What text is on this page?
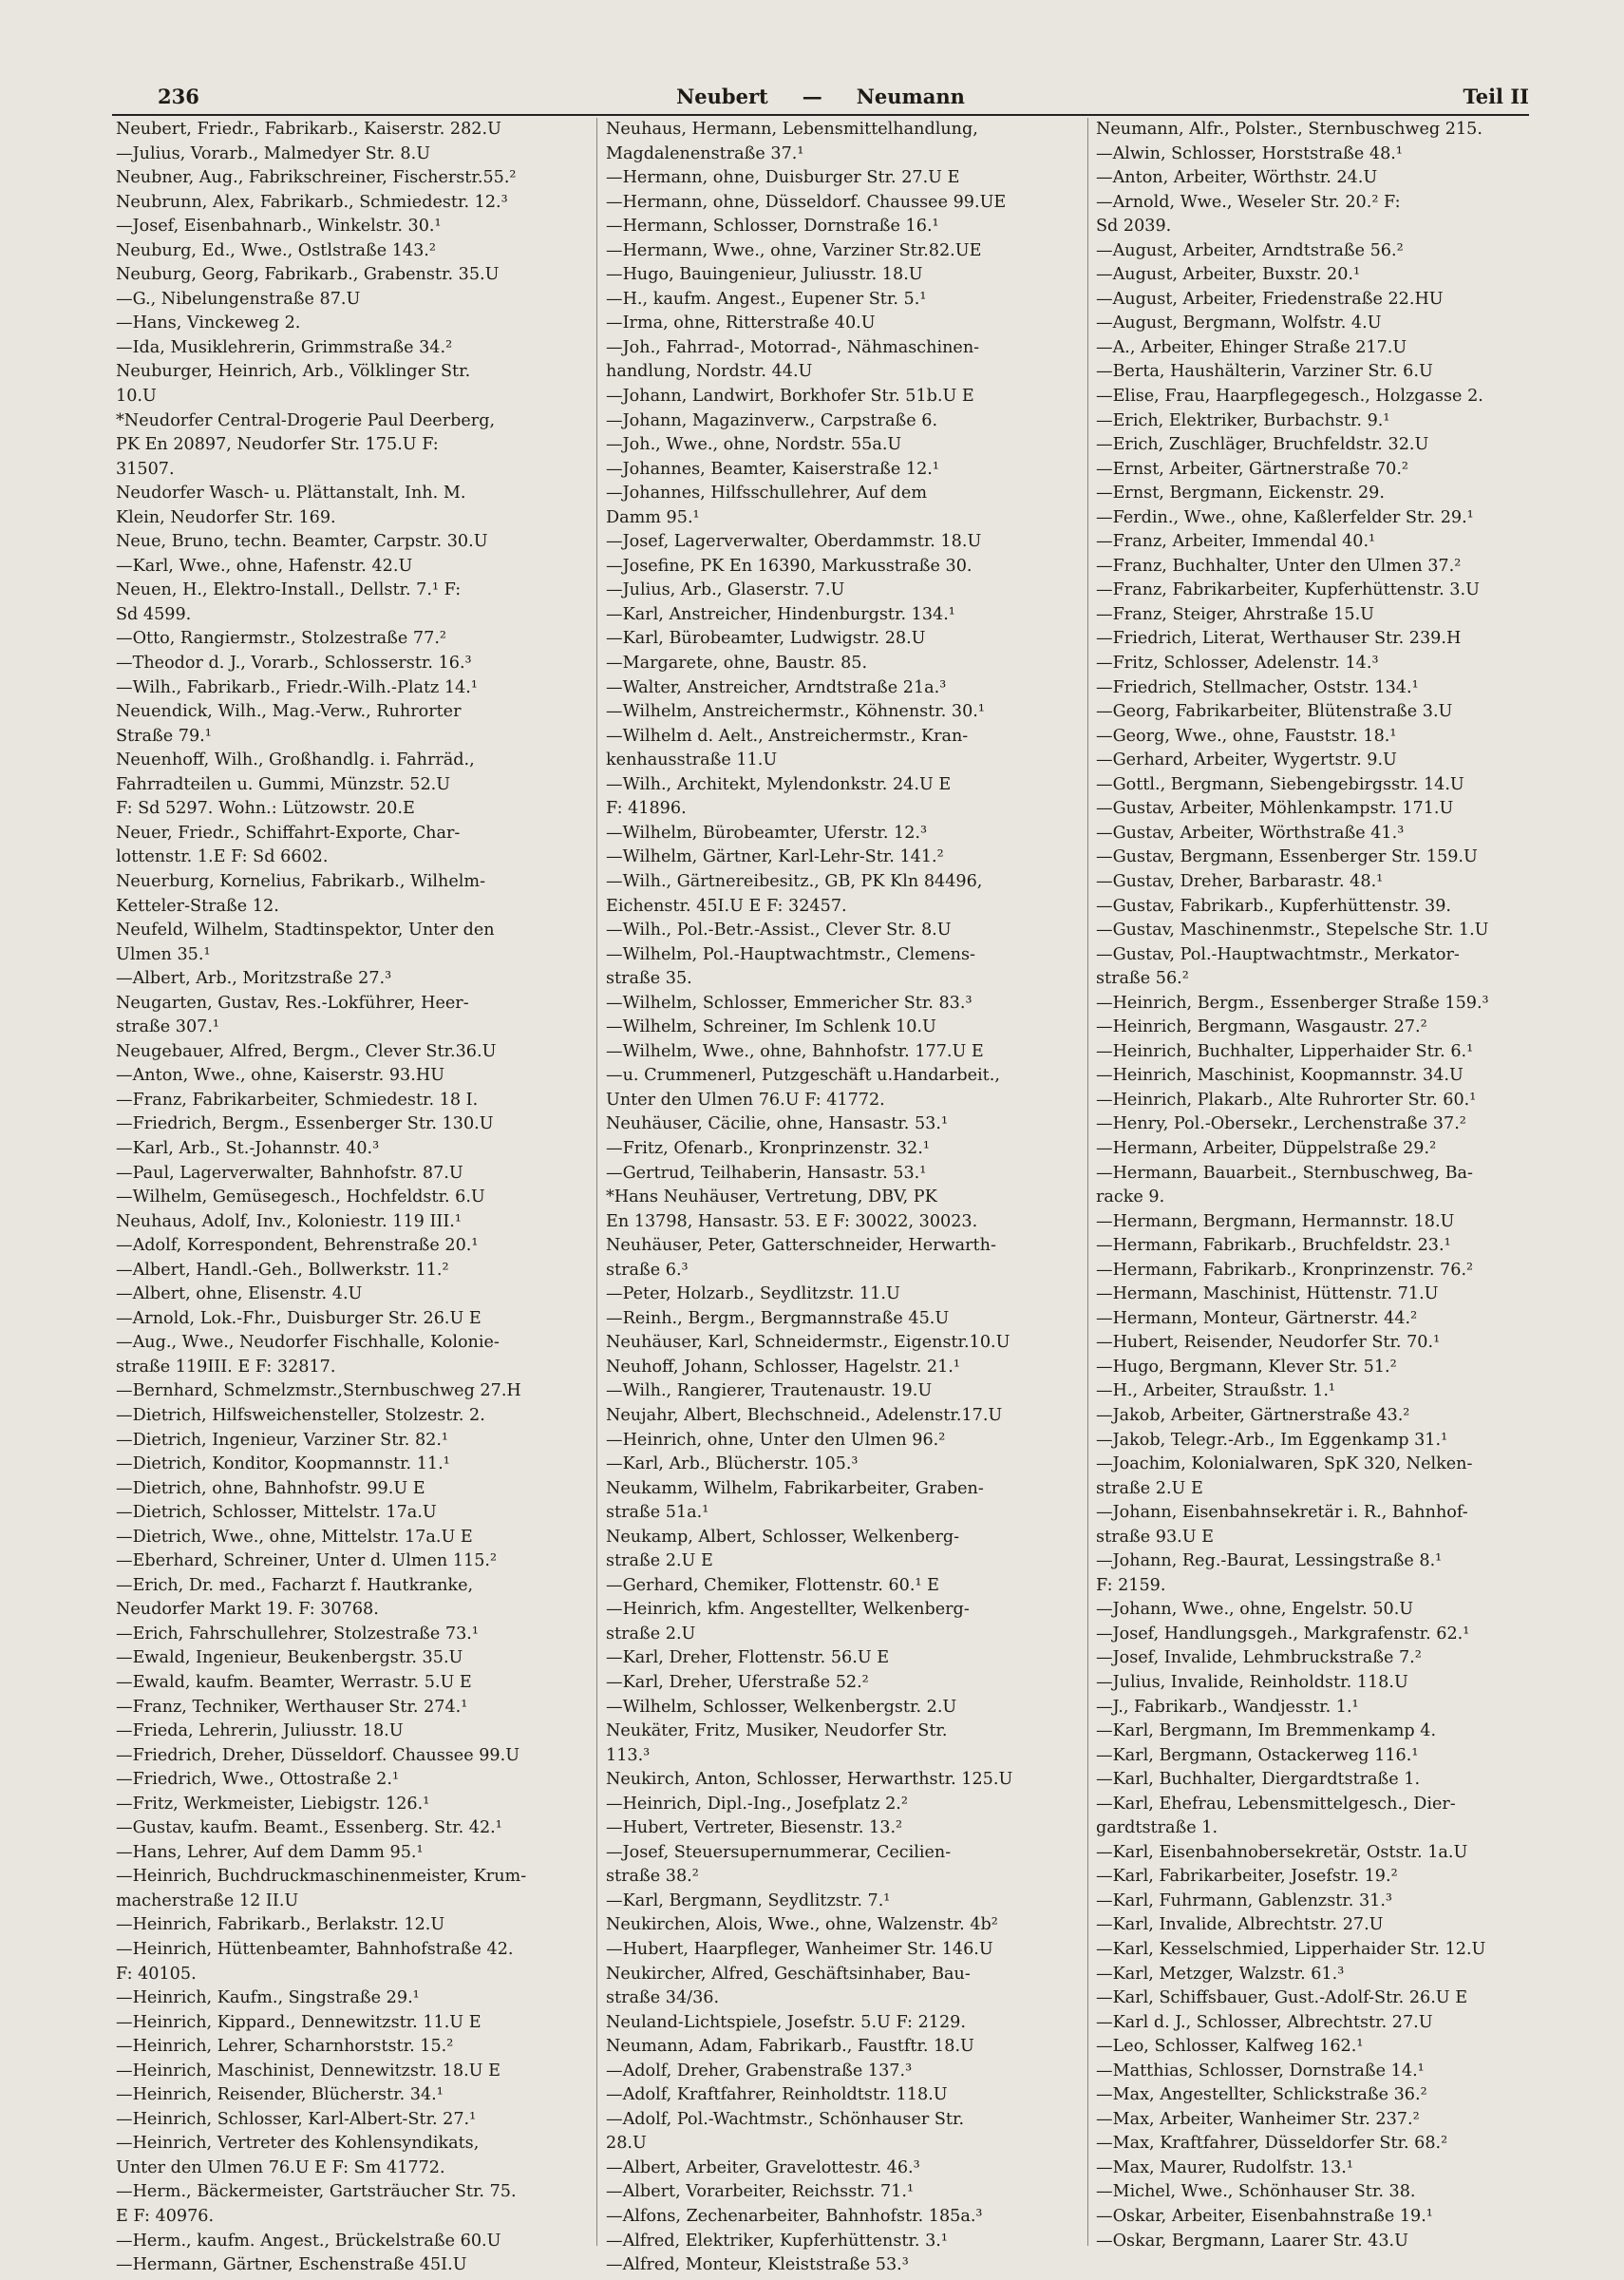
236	Neubert — Neumann	Teil II
Neubert, Friedr., Fabrikarb., Kaiserstr. 282.U
—Julius, Vorarb., Malmedyer Str. 8.U
Neubner, Aug., Fabrikschreiner, Fischerstr.55.²
Neubrunn, Alex, Fabrikarb., Schmiedestr. 12.³
—Josef, Eisenbahnarb., Winkelstr. 30.¹
Neuburg, Ed., Wwe., Ostlstraße 143.²
Neuburg, Georg, Fabrikarb., Grabenstr. 35.U
—G., Nibelungenstraße 87.U
—Hans, Vinckeweg 2.
—Ida, Musiklehrerin, Grimmstraße 34.²
Neuburger, Heinrich, Arb., Völklinger Str.
10.U
*Neudorfer Central-Drogerie Paul Deerberg,
PK En 20897, Neudorfer Str. 175.U F:
31507.
Neudorfer Wasch- u. Plättanstalt, Inh. M.
Klein, Neudorfer Str. 169.
Neue, Bruno, techn. Beamter, Carpstr. 30.U
—Karl, Wwe., ohne, Hafenstr. 42.U
Neuen, H., Elektro-Install., Dellstr. 7.¹ F:
Sd 4599.
—Otto, Rangiermstr., Stolzestraße 77.²
—Theodor d. J., Vorarb., Schlosserstr. 16.³
—Wilh., Fabrikarb., Friedr.-Wilh.-Platz 14.¹
Neuendick, Wilh., Mag.-Verw., Ruhrorter
Straße 79.¹
Neuenhoff, Wilh., Großhandlg. i. Fahrräd.,
Fahrradteilen u. Gummi, Münzstr. 52.U
F: Sd 5297. Wohn.: Lützowstr. 20.E
Neuer, Friedr., Schiffahrt-Exporte, Char-
lottenstr. 1.E F: Sd 6602.
Neuerburg, Kornelius, Fabrikarb., Wilhelm-
Ketteler-Straße 12.
Neufeld, Wilhelm, Stadtinspektor, Unter den
Ulmen 35.¹
—Albert, Arb., Moritzstraße 27.³
Neugarten, Gustav, Res.-Lokführer, Heer-
straße 307.¹
Neugebauer, Alfred, Bergm., Clever Str.36.U
—Anton, Wwe., ohne, Kaiserstr. 93.HU
—Franz, Fabrikarbeiter, Schmiedestr. 18 I.
—Friedrich, Bergm., Essenberger Str. 130.U
—Karl, Arb., St.-Johannstr. 40.³
—Paul, Lagerverwalter, Bahnhofstr. 87.U
—Wilhelm, Gemüsegesch., Hochfeldstr. 6.U
Neuhaus, Adolf, Inv., Koloniestr. 119 III.¹
—Adolf, Korrespondent, Behrenstraße 20.¹
—Albert, Handl.-Geh., Bollwerkstr. 11.²
—Albert, ohne, Elisenstr. 4.U
—Arnold, Lok.-Fhr., Duisburger Str. 26.U E
—Aug., Wwe., Neudorfer Fischhalle, Kolonie-
straße 119III. E F: 32817.
—Bernhard, Schmelzmstr.,Sternbuschweg 27.H
—Dietrich, Hilfsweichensteller, Stolzestr. 2.
—Dietrich, Ingenieur, Varziner Str. 82.¹
—Dietrich, Konditor, Koopmannstr. 11.¹
—Dietrich, ohne, Bahnhofstr. 99.U E
—Dietrich, Schlosser, Mittelstr. 17a.U
—Dietrich, Wwe., ohne, Mittelstr. 17a.U E
—Eberhard, Schreiner, Unter d. Ulmen 115.²
—Erich, Dr. med., Facharzt f. Hautkranke,
Neudorfer Markt 19. F: 30768.
—Erich, Fahrschullehrer, Stolzestraße 73.¹
—Ewald, Ingenieur, Beukenbergstr. 35.U
—Ewald, kaufm. Beamter, Werrastr. 5.U E
—Franz, Techniker, Werthauser Str. 274.¹
—Frieda, Lehrerin, Juliusstr. 18.U
—Friedrich, Dreher, Düsseldorf. Chaussee 99.U
—Friedrich, Wwe., Ottostraße 2.¹
—Fritz, Werkmeister, Liebigstr. 126.¹
—Gustav, kaufm. Beamt., Essenberg. Str. 42.¹
—Hans, Lehrer, Auf dem Damm 95.¹
—Heinrich, Buchdruckmaschinenmeister, Krum-
macherstraße 12 II.U
—Heinrich, Fabrikarb., Berlakstr. 12.U
—Heinrich, Hüttenbeamter, Bahnhofstraße 42.
F: 40105.
—Heinrich, Kaufm., Singstraße 29.¹
—Heinrich, Kippard., Dennewitzstr. 11.U E
—Heinrich, Lehrer, Scharnhorststr. 15.²
—Heinrich, Maschinist, Dennewitzstr. 18.U E
—Heinrich, Reisender, Blücherstr. 34.¹
—Heinrich, Schlosser, Karl-Albert-Str. 27.¹
—Heinrich, Vertreter des Kohlensyndikats,
Unter den Ulmen 76.U E F: Sm 41772.
—Herm., Bäckermeister, Gartsträucher Str. 75.
E F: 40976.
—Herm., kaufm. Angest., Brückelstraße 60.U
—Hermann, Gärtner, Eschenstraße 45I.U
Neuhaus, Hermann, Lebensmittelhandlung,
Magdalenenstraße 37.¹
—Hermann, ohne, Duisburger Str. 27.U E
—Hermann, ohne, Düsseldorf. Chaussee 99.UE
—Hermann, Schlosser, Dornstraße 16.¹
—Hermann, Wwe., ohne, Varziner Str.82.UE
—Hugo, Bauingenieur, Juliusstr. 18.U
—H., kaufm. Angest., Eupener Str. 5.¹
—Irma, ohne, Ritterstraße 40.U
—Joh., Fahrrad-, Motorrad-, Nähmaschinen-
handlung, Nordstr. 44.U
—Johann, Landwirt, Borkhofer Str. 51b.U E
—Johann, Magazinverw., Carpstraße 6.
—Joh., Wwe., ohne, Nordstr. 55a.U
—Johannes, Beamter, Kaiserstraße 12.¹
—Johannes, Hilfsschullehrer, Auf dem
Damm 95.¹
—Josef, Lagerverwalter, Oberdammstr. 18.U
—Josefine, PK En 16390, Markusstraße 30.
—Julius, Arb., Glaserstr. 7.U
—Karl, Anstreicher, Hindenburgstr. 134.¹
—Karl, Bürobeamter, Ludwigstr. 28.U
—Margarete, ohne, Baustr. 85.
—Walter, Anstreicher, Arndtstraße 21a.³
—Wilhelm, Anstreichermstr., Köhnenstr. 30.¹
—Wilhelm d. Aelt., Anstreichermstr., Kran-
kenhausstraße 11.U
—Wilh., Architekt, Mylendonkstr. 24.U E
F: 41896.
—Wilhelm, Bürobeamter, Uferstr. 12.³
—Wilhelm, Gärtner, Karl-Lehr-Str. 141.²
—Wilh., Gärtnereibesitz., GB, PK Kln 84496,
Eichenstr. 45I.U E F: 32457.
—Wilh., Pol.-Betr.-Assist., Clever Str. 8.U
—Wilhelm, Pol.-Hauptwachtmstr., Clemens-
straße 35.
—Wilhelm, Schlosser, Emmericher Str. 83.³
—Wilhelm, Schreiner, Im Schlenk 10.U
—Wilhelm, Wwe., ohne, Bahnhofstr. 177.U E
—u. Crummenerl, Putzgeschäft u.Handarbeit.,
Unter den Ulmen 76.U F: 41772.
Neuhäuser, Cäcilie, ohne, Hansastr. 53.¹
—Fritz, Ofenarb., Kronprinzenstr. 32.¹
—Gertrud, Teilhaberin, Hansastr. 53.¹
*Hans Neuhäuser, Vertretung, DBV, PK
En 13798, Hansastr. 53. E F: 30022, 30023.
Neuhäuser, Peter, Gatterschneider, Herwarth-
straße 6.³
—Peter, Holzarb., Seydlitzstr. 11.U
—Reinh., Bergm., Bergmannstraße 45.U
Neuhäuser, Karl, Schneidermstr., Eigenstr.10.U
Neuhoff, Johann, Schlosser, Hagelstr. 21.¹
—Wilh., Rangierer, Trautenaustr. 19.U
Neujahr, Albert, Blechschneid., Adelenstr.17.U
—Heinrich, ohne, Unter den Ulmen 96.²
—Karl, Arb., Blücherstr. 105.³
Neukamm, Wilhelm, Fabrikarbeiter, Graben-
straße 51a.¹
Neukamp, Albert, Schlosser, Welkenberg-
straße 2.U E
—Gerhard, Chemiker, Flottenstr. 60.¹ E
—Heinrich, kfm. Angestellter, Welkenberg-
straße 2.U
—Karl, Dreher, Flottenstr. 56.U E
—Karl, Dreher, Uferstraße 52.²
—Wilhelm, Schlosser, Welkenbergstr. 2.U
Neukäter, Fritz, Musiker, Neudorfer Str.
113.³
Neukirch, Anton, Schlosser, Herwarthstr. 125.U
—Heinrich, Dipl.-Ing., Josefplatz 2.²
—Hubert, Vertreter, Biesenstr. 13.²
—Josef, Steuersupernummerar, Cecilien-
straße 38.²
—Karl, Bergmann, Seydlitzstr. 7.¹
Neukirchen, Alois, Wwe., ohne, Walzenstr. 4b²
—Hubert, Haarpfleger, Wanheimer Str. 146.U
Neukircher, Alfred, Geschäftsinhaber, Bau-
straße 34/36.
Neuland-Lichtspiele, Josefstr. 5.U F: 2129.
Neumann, Adam, Fabrikarb., Faustftr. 18.U
—Adolf, Dreher, Grabenstraße 137.³
—Adolf, Kraftfahrer, Reinholdtstr. 118.U
—Adolf, Pol.-Wachtmstr., Schönhauser Str.
28.U
—Albert, Arbeiter, Gravelottestr. 46.³
—Albert, Vorarbeiter, Reichsstr. 71.¹
—Alfons, Zechenarbeiter, Bahnhofstr. 185a.³
—Alfred, Elektriker, Kupferhüttenstr. 3.¹
—Alfred, Monteur, Kleiststraße 53.³
Neumann, Alfr., Polster., Sternbuschweg 215.
—Alwin, Schlosser, Horststraße 48.¹
—Anton, Arbeiter, Wörthstr. 24.U
—Arnold, Wwe., Weseler Str. 20.² F:
Sd 2039.
—August, Arbeiter, Arndtstraße 56.²
—August, Arbeiter, Buxstr. 20.¹
—August, Arbeiter, Friedenstraße 22.HU
—August, Bergmann, Wolfstr. 4.U
—A., Arbeiter, Ehinger Straße 217.U
—Berta, Haushälterin, Varziner Str. 6.U
—Elise, Frau, Haarpflegegesch., Holzgasse 2.
—Erich, Elektriker, Burbachstr. 9.¹
—Erich, Zuschläger, Bruchfeldstr. 32.U
—Ernst, Arbeiter, Gärtnerstraße 70.²
—Ernst, Bergmann, Eickenstr. 29.
—Ferdin., Wwe., ohne, Kaßlerfelder Str. 29.¹
—Franz, Arbeiter, Immendal 40.¹
—Franz, Buchhalter, Unter den Ulmen 37.²
—Franz, Fabrikarbeiter, Kupferhüttenstr. 3.U
—Franz, Steiger, Ahrstraße 15.U
—Friedrich, Literat, Werthauser Str. 239.H
—Fritz, Schlosser, Adelenstr. 14.³
—Friedrich, Stellmacher, Oststr. 134.¹
—Georg, Fabrikarbeiter, Blütenstraße 3.U
—Georg, Wwe., ohne, Fauststr. 18.¹
—Gerhard, Arbeiter, Wygertstr. 9.U
—Gottl., Bergmann, Siebengebirgsstr. 14.U
—Gustav, Arbeiter, Möhlenkampstr. 171.U
—Gustav, Arbeiter, Wörthstraße 41.³
—Gustav, Bergmann, Essenberger Str. 159.U
—Gustav, Dreher, Barbarastr. 48.¹
—Gustav, Fabrikarb., Kupferhüttenstr. 39.
—Gustav, Maschinenmstr., Stepelsche Str. 1.U
—Gustav, Pol.-Hauptwachtmstr., Merkator-
straße 56.²
—Heinrich, Bergm., Essenberger Straße 159.³
—Heinrich, Bergmann, Wasgaustr. 27.²
—Heinrich, Buchhalter, Lipperhaider Str. 6.¹
—Heinrich, Maschinist, Koopmannstr. 34.U
—Heinrich, Plakarb., Alte Ruhrorter Str. 60.¹
—Henry, Pol.-Obersekr., Lerchenstraße 37.²
—Hermann, Arbeiter, Düppelstraße 29.²
—Hermann, Bauarbeit., Sternbuschweg, Ba-
racke 9.
—Hermann, Bergmann, Hermannstr. 18.U
—Hermann, Fabrikarb., Bruchfeldstr. 23.¹
—Hermann, Fabrikarb., Kronprinzenstr. 76.²
—Hermann, Maschinist, Hüttenstr. 71.U
—Hermann, Monteur, Gärtnerstr. 44.²
—Hubert, Reisender, Neudorfer Str. 70.¹
—Hugo, Bergmann, Klever Str. 51.²
—H., Arbeiter, Straußstr. 1.¹
—Jakob, Arbeiter, Gärtnerstraße 43.²
—Jakob, Telegr.-Arb., Im Eggenkamp 31.¹
—Joachim, Kolonialwaren, SpK 320, Nelken-
straße 2.U E
—Johann, Eisenbahnsekretär i. R., Bahnhof-
straße 93.U E
—Johann, Reg.-Baurat, Lessingstraße 8.¹
F: 2159.
—Johann, Wwe., ohne, Engelstr. 50.U
—Josef, Handlungsgeh., Markgrafenstr. 62.¹
—Josef, Invalide, Lehmbruckstraße 7.²
—Julius, Invalide, Reinholdstr. 118.U
—J., Fabrikarb., Wandjesstr. 1.¹
—Karl, Bergmann, Im Bremmenkamp 4.
—Karl, Bergmann, Ostackerweg 116.¹
—Karl, Buchhalter, Diergardtstraße 1.
—Karl, Ehefrau, Lebensmittelgesch., Dier-
gardtstraße 1.
—Karl, Eisenbahnobersekretär, Oststr. 1a.U
—Karl, Fabrikarbeiter, Josefstr. 19.²
—Karl, Fuhrmann, Gablenzstr. 31.³
—Karl, Invalide, Albrechtstr. 27.U
—Karl, Kesselschmied, Lipperhaider Str. 12.U
—Karl, Metzger, Walzstr. 61.³
—Karl, Schiffsbauer, Gust.-Adolf-Str. 26.U E
—Karl d. J., Schlosser, Albrechtstr. 27.U
—Leo, Schlosser, Kalfweg 162.¹
—Matthias, Schlosser, Dornstraße 14.¹
—Max, Angestellter, Schlickstraße 36.²
—Max, Arbeiter, Wanheimer Str. 237.²
—Max, Kraftfahrer, Düsseldorfer Str. 68.²
—Max, Maurer, Rudolfstr. 13.¹
—Michel, Wwe., Schönhauser Str. 38.
—Oskar, Arbeiter, Eisenbahnstraße 19.¹
—Oskar, Bergmann, Laarer Str. 43.U
